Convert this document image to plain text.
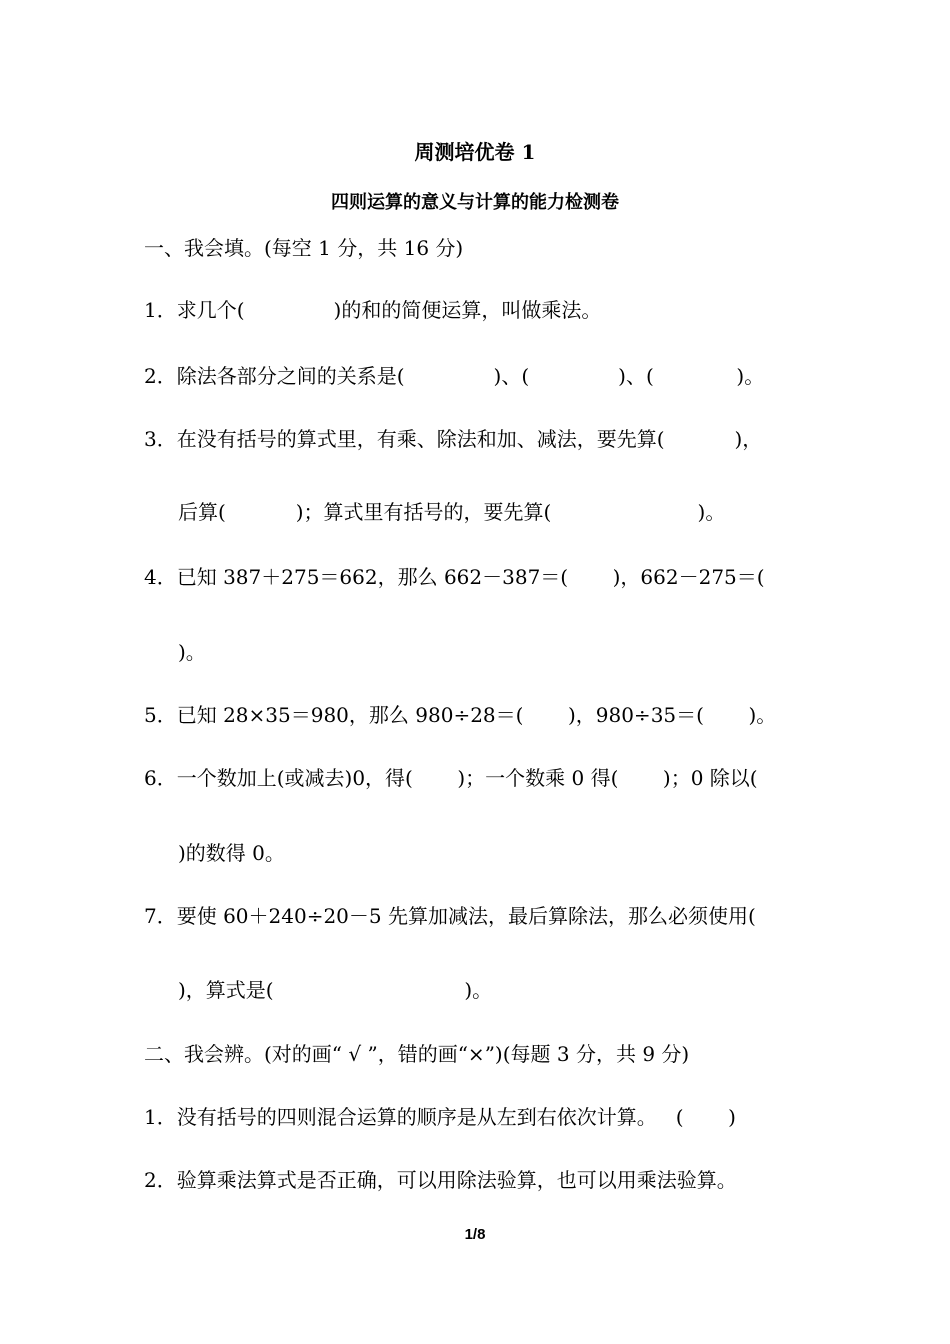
周测培优卷 1
四则运算的意义与计算的能力检测卷
一、我会填。(每空 1 分，共 16 分)
1．求几个(              )的和的简便运算，叫做乘法。
2．除法各部分之间的关系是(              )、(              )、(             )。
3．在没有括号的算式里，有乘、除法和加、减法，要先算(           )，
后算(           )；算式里有括号的，要先算(                       )。
4．已知 387＋275＝662，那么 662－387＝(       )，662－275＝(
)。
5．已知 28×35＝980，那么 980÷28＝(       )，980÷35＝(       )。
6．一个数加上(或减去)0，得(       )；一个数乘 0 得(       )；0 除以(
)的数得 0。
7．要使 60＋240÷20－5 先算加减法，最后算除法，那么必须使用(
)，算式是(                              )。
二、我会辨。(对的画“ √ ”，错的画“×”)(每题 3 分，共 9 分)
1．没有括号的四则混合运算的顺序是从左到右依次计算。   (       )
2．验算乘法算式是否正确，可以用除法验算，也可以用乘法验算。
1/8
